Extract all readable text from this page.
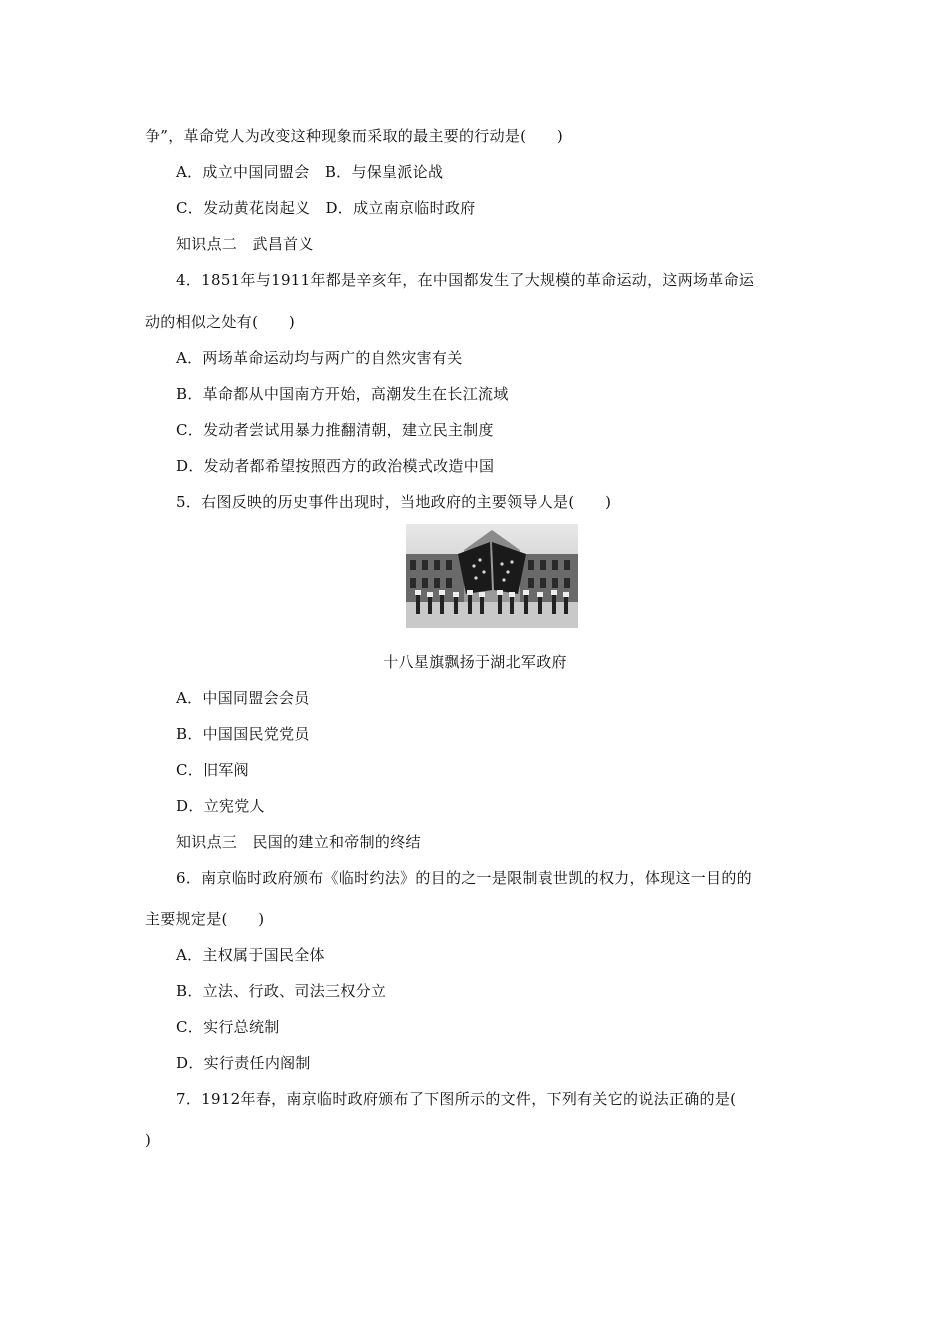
争”，革命党人为改变这种现象而采取的最主要的行动是(　　)
A．成立中国同盟会　B．与保皇派论战
C．发动黄花岗起义　D．成立南京临时政府
知识点二　武昌首义
4．1851年与1911年都是辛亥年，在中国都发生了大规模的革命运动，这两场革命运
动的相似之处有(　　)
A．两场革命运动均与两广的自然灾害有关
B．革命都从中国南方开始，高潮发生在长江流域
C．发动者尝试用暴力推翻清朝，建立民主制度
D．发动者都希望按照西方的政治模式改造中国
5．右图反映的历史事件出现时，当地政府的主要领导人是(　　)
十八星旗飘扬于湖北军政府
A．中国同盟会会员
B．中国国民党党员
C．旧军阀
D．立宪党人
知识点三　民国的建立和帝制的终结
6．南京临时政府颁布《临时约法》的目的之一是限制袁世凯的权力，体现这一目的的
主要规定是(　　)
A．主权属于国民全体
B．立法、行政、司法三权分立
C．实行总统制
D．实行责任内阁制
7．1912年春，南京临时政府颁布了下图所示的文件，下列有关它的说法正确的是(
)
